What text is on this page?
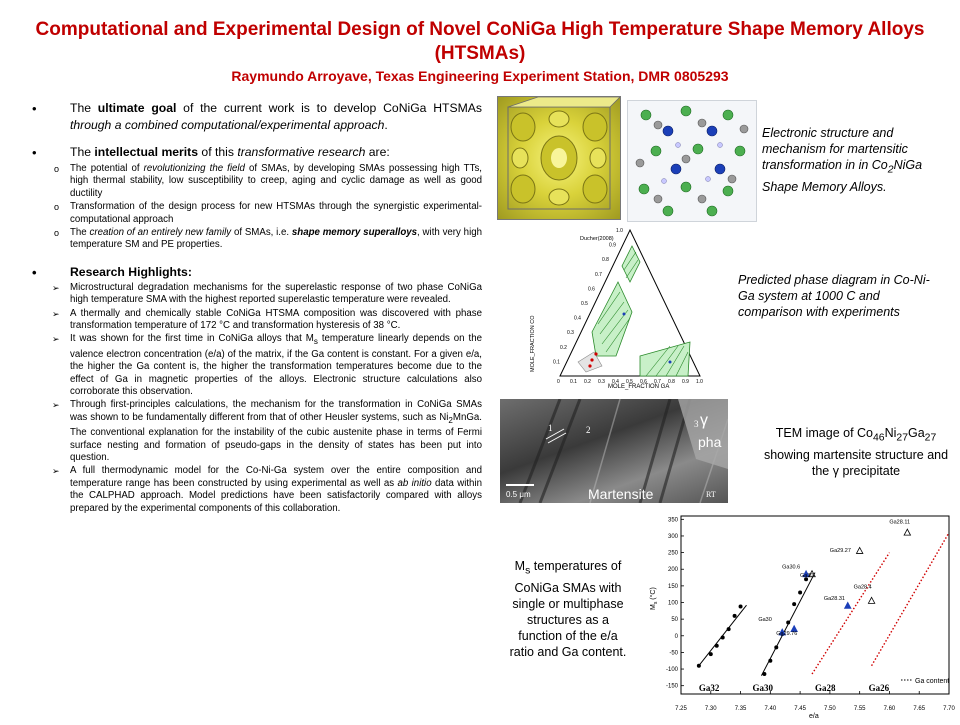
Computational and Experimental Design of Novel CoNiGa High Temperature Shape Memory Alloys (HTSMAs)
Raymundo Arroyave, Texas Engineering Experiment Station, DMR 0805293
• The ultimate goal of the current work is to develop CoNiGa HTSMAs through a combined computational/experimental approach.
• The intellectual merits of this transformative research are:
o The potential of revolutionizing the field of SMAs, by developing SMAs possessing high TTs, high thermal stability, low susceptibility to creep, aging and cyclic damage as well as good ductility
o Transformation of the design process for new HTSMAs through the synergistic experimental-computational approach
o The creation of an entirely new family of SMAs, i.e. shape memory superalloys, with very high temperature SM and PE properties.
• Research Highlights:
➢ Microstructural degradation mechanisms for the superelastic response of two phase CoNiGa high temperature SMA with the highest reported superelastic temperature were revealed.
➢ A thermally and chemically stable CoNiGa HTSMA composition was discovered with phase transformation temperature of 172 °C and transformation hysteresis of 38 °C.
➢ It was shown for the first time in CoNiGa alloys that $M_s$ temperature linearly depends on the valence electron concentration (e/a) of the matrix, if the Ga content is constant. For a given e/a, the higher the Ga content is, the higher the transformation temperatures become due to the effect of Ga in magnetic properties of the alloys. Electronic structure calculations also corroborate this observation.
➢ Through first-principles calculations, the mechanism for the transformation in CoNiGa SMAs was shown to be fundamentally different from that of other Heusler systems, such as $Ni_2MnGa$. The conventional explanation for the instability of the cubic austenite phase in terms of Fermi surface nesting and formation of pseudo-gaps in the density of states has been put into question.
➢ A full thermodynamic model for the Co-Ni-Ga system over the entire composition and temperature range has been constructed by using experimental as well as ab initio data within the CALPHAD approach. Model predictions have been satisfactorily compared with alloys prepared by the experimental components of this collaboration.
Electronic structure and mechanism for martensitic transformation in in $Co_2NiGa$ Shape Memory Alloys.
Ducher(2008)
MOLE_FRACTION CO
MOLE_FRACTION GA
0.1
0.1
0.2
0.2
0.3
0.3
0.4
0.4
0.5
0.5
0.6
0.6
0.7
0.7
0.8
0.8
0.9
0.9
1.0
1.0
0
Predicted phase diagram in Co-Ni-Ga system at 1000 C and comparison with experiments
1	2
3 γ
pha
0.5 μm	Martensite	RT
TEM image of $Co_{46}Ni_{27}Ga_{27}$ showing martensite structure and the γ precipitate
$M_s$ temperatures of CoNiGa SMAs with single or multiphase structures as a function of the e/a ratio and Ga content.
350
300
250
200
150
100
50
0
-50
-100
-150
7.25	7.30	7.35	7.40	7.45	7.50	7.55	7.60	7.65	7.70
Ga28.11
Ga29.27
Ga30.6
Ga30
Ga28.4
Ga28.31
Ga30
Ga29.76
Ga32	Ga30	Ga28	Ga26
$M_s$ (°C)
e/a
Ga content
